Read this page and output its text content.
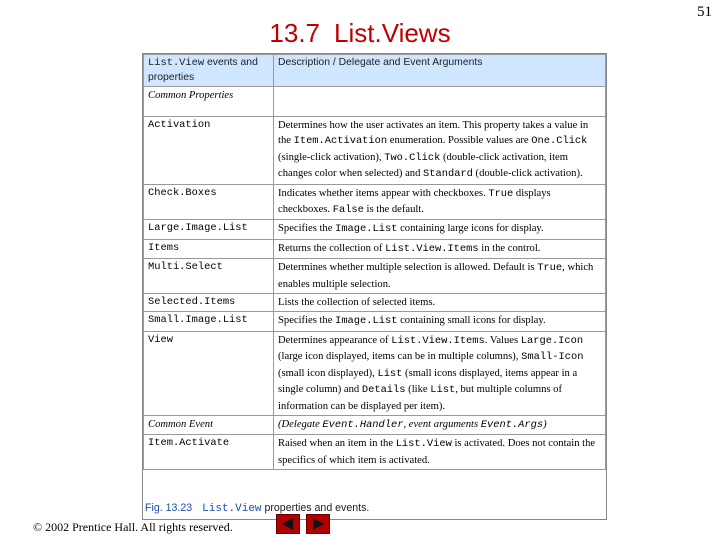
51
13.7 List.Views
List.View events and properties	Description / Delegate and Event Arguments
Common Properties	
Activation	Determines how the user activates an item. This property takes a value in the Item.Activation enumeration. Possible values are One.Click (single-click activation), Two.Click (double-click activation, item changes color when selected) and Standard (double-click activation).
Check.Boxes	Indicates whether items appear with checkboxes. True displays checkboxes. False is the default.
Large.Image.List	Specifies the Image.List containing large icons for display.
Items	Returns the collection of List.View.Items in the control.
Multi.Select	Determines whether multiple selection is allowed. Default is True, which enables multiple selection.
Selected.Items	Lists the collection of selected items.
Small.Image.List	Specifies the Image.List containing small icons for display.
View	Determines appearance of List.View.Items. Values Large.Icon (large icon displayed, items can be in multiple columns), Small-Icon (small icon displayed), List (small icons displayed, items appear in a single column) and Details (like List, but multiple columns of information can be displayed per item).
Common Event	(Delegate Event.Handler, event arguments Event.Args)
Item.Activate	Raised when an item in the List.View is activated. Does not contain the specifics of which item is activated.
Fig. 13.23 List.View properties and events.
© 2002 Prentice Hall. All rights reserved.
